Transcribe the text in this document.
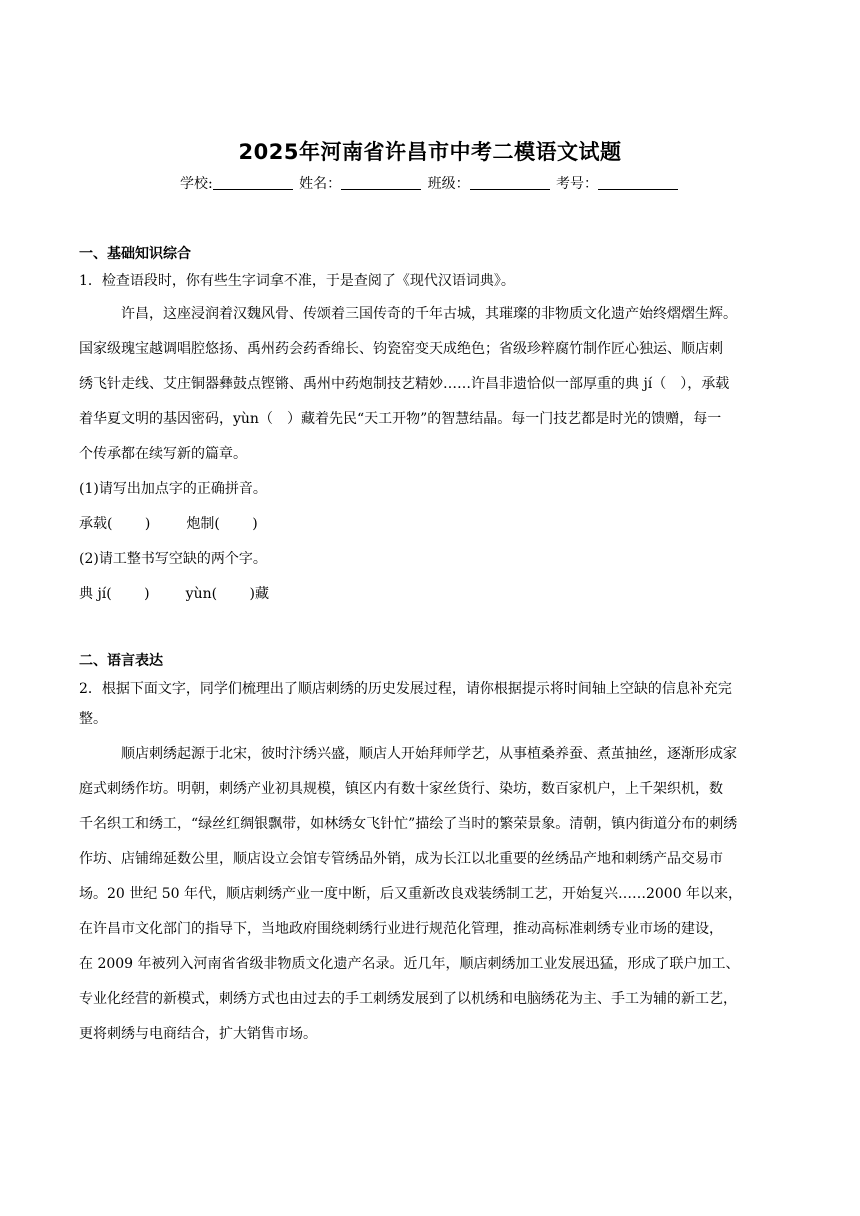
2025年河南省许昌市中考二模语文试题
学校:	姓名：	班级：	考号：
一、基础知识综合
1．检查语段时，你有些生字词拿不准，于是查阅了《现代汉语词典》。
许昌，这座浸润着汉魏风骨、传颂着三国传奇的千年古城，其璀璨的非物质文化遗产始终熠熠生辉。
国家级瑰宝越调唱腔悠扬、禹州药会药香绵长、钧瓷窑变天成绝色；省级珍粹腐竹制作匠心独运、顺店刺
绣飞针走线、艾庄铜器彝鼓点铿锵、禹州中药炮制技艺精妙……许昌非遗恰似一部厚重的典 jí（　），承载
着华夏文明的基因密码，yùn（　）藏着先民“天工开物”的智慧结晶。每一门技艺都是时光的馈赠，每一
个传承都在续写新的篇章。
(1)请写出加点字的正确拼音。
承载(　　 )	炮制(　　 )
(2)请工整书写空缺的两个字。
典 jí(　　 )	yùn(　　 )藏
二、语言表达
2．根据下面文字，同学们梳理出了顺店刺绣的历史发展过程，请你根据提示将时间轴上空缺的信息补充完
整。
顺店刺绣起源于北宋，彼时汴绣兴盛，顺店人开始拜师学艺，从事植桑养蚕、煮茧抽丝，逐渐形成家
庭式刺绣作坊。明朝，刺绣产业初具规模，镇区内有数十家丝货行、染坊，数百家机户，上千架织机，数
千名织工和绣工，“绿丝红绸银飘带，如林绣女飞针忙”描绘了当时的繁荣景象。清朝，镇内街道分布的刺绣
作坊、店铺绵延数公里，顺店设立会馆专管绣品外销，成为长江以北重要的丝绣品产地和刺绣产品交易市
场。20 世纪 50 年代，顺店刺绣产业一度中断，后又重新改良戏装绣制工艺，开始复兴……2000 年以来，
在许昌市文化部门的指导下，当地政府围绕刺绣行业进行规范化管理，推动高标准刺绣专业市场的建设，
在 2009 年被列入河南省省级非物质文化遗产名录。近几年，顺店刺绣加工业发展迅猛，形成了联户加工、
专业化经营的新模式，刺绣方式也由过去的手工刺绣发展到了以机绣和电脑绣花为主、手工为辅的新工艺，
更将刺绣与电商结合，扩大销售市场。
